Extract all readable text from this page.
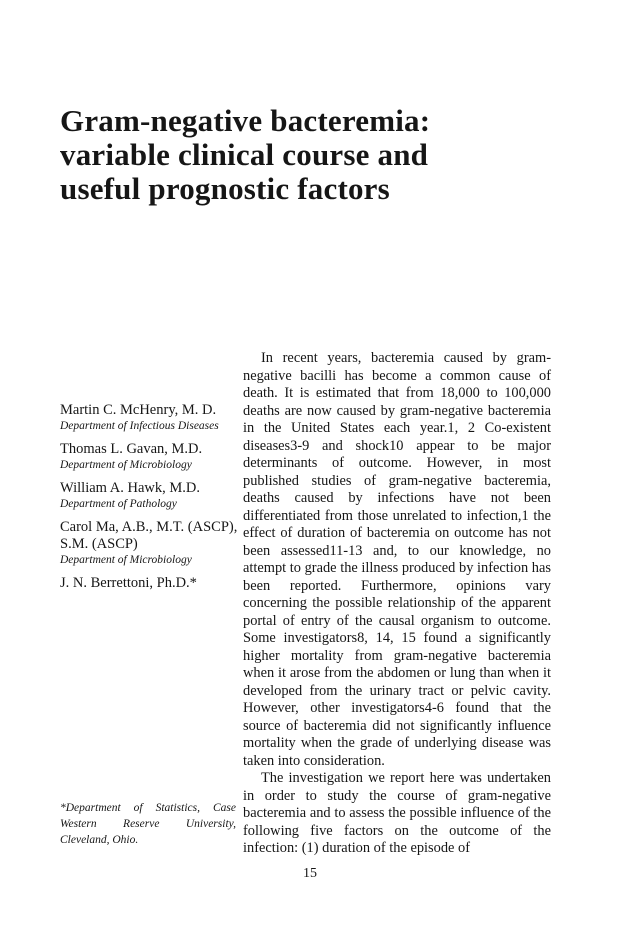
Gram-negative bacteremia:
variable clinical course and
useful prognostic factors
Martin C. McHenry, M. D.
Department of Infectious Diseases
Thomas L. Gavan, M.D.
Department of Microbiology
William A. Hawk, M.D.
Department of Pathology
Carol Ma, A.B., M.T. (ASCP),
S.M. (ASCP)
Department of Microbiology
J. N. Berrettoni, Ph.D.*
*Department of Statistics, Case Western Reserve University, Cleveland, Ohio.

In recent years, bacteremia caused by gram-negative bacilli has become a common cause of death. It is estimated that from 18,000 to 100,000 deaths are now caused by gram-negative bacteremia in the United States each year.1, 2 Co-existent diseases3-9 and shock10 appear to be major determinants of outcome. However, in most published studies of gram-negative bacteremia, deaths caused by infections have not been differentiated from those unrelated to infection,1 the effect of duration of bacteremia on outcome has not been assessed11-13 and, to our knowledge, no attempt to grade the illness produced by infection has been reported. Furthermore, opinions vary concerning the possible relationship of the apparent portal of entry of the causal organism to outcome. Some investigators8, 14, 15 found a significantly higher mortality from gram-negative bacteremia when it arose from the abdomen or lung than when it developed from the urinary tract or pelvic cavity. However, other investigators4-6 found that the source of bacteremia did not significantly influence mortality when the grade of underlying disease was taken into consideration.

The investigation we report here was undertaken in order to study the course of gram-negative bacteremia and to assess the possible influence of the following five factors on the outcome of the infection: (1) duration of the episode of

15
